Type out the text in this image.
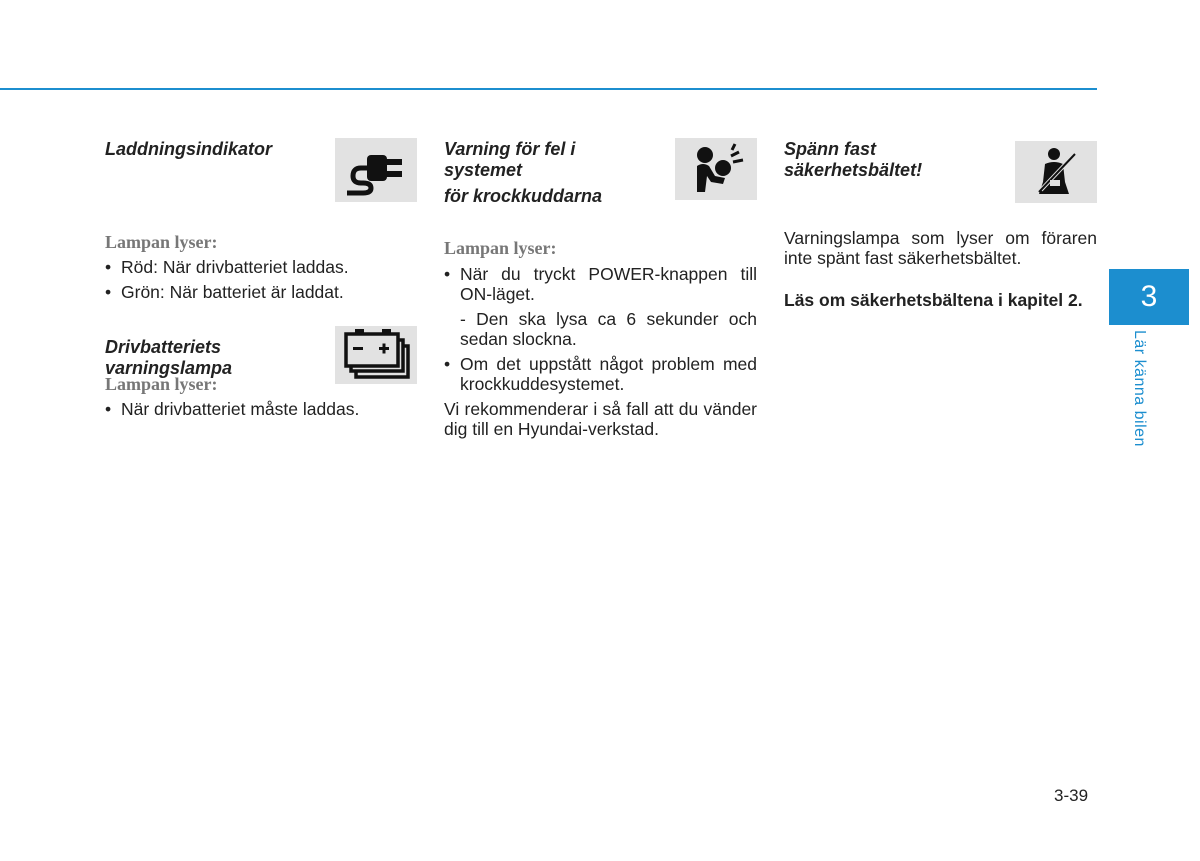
Laddningsindikator
Lampan lyser:
• Röd: När drivbatteriet laddas.
• Grön: När batteriet är laddat.
Drivbatteriets varningslampa
Lampan lyser:
• När drivbatteriet måste laddas.
Varning för fel i systemet
för krockkuddarna
Lampan lyser:
• När du tryckt POWER-knappen till ON-läget.
- Den ska lysa ca 6 sekunder och sedan slockna.
• Om det uppstått något problem med krockkuddesystemet.
Vi rekommenderar i så fall att du vänder dig till en Hyundai-verkstad.
Spänn fast säkerhetsbältet!
Varningslampa som lyser om föraren inte spänt fast säkerhetsbältet.
Läs om säkerhetsbältena i kapitel 2.	3
Lär känna bilen
3-39
